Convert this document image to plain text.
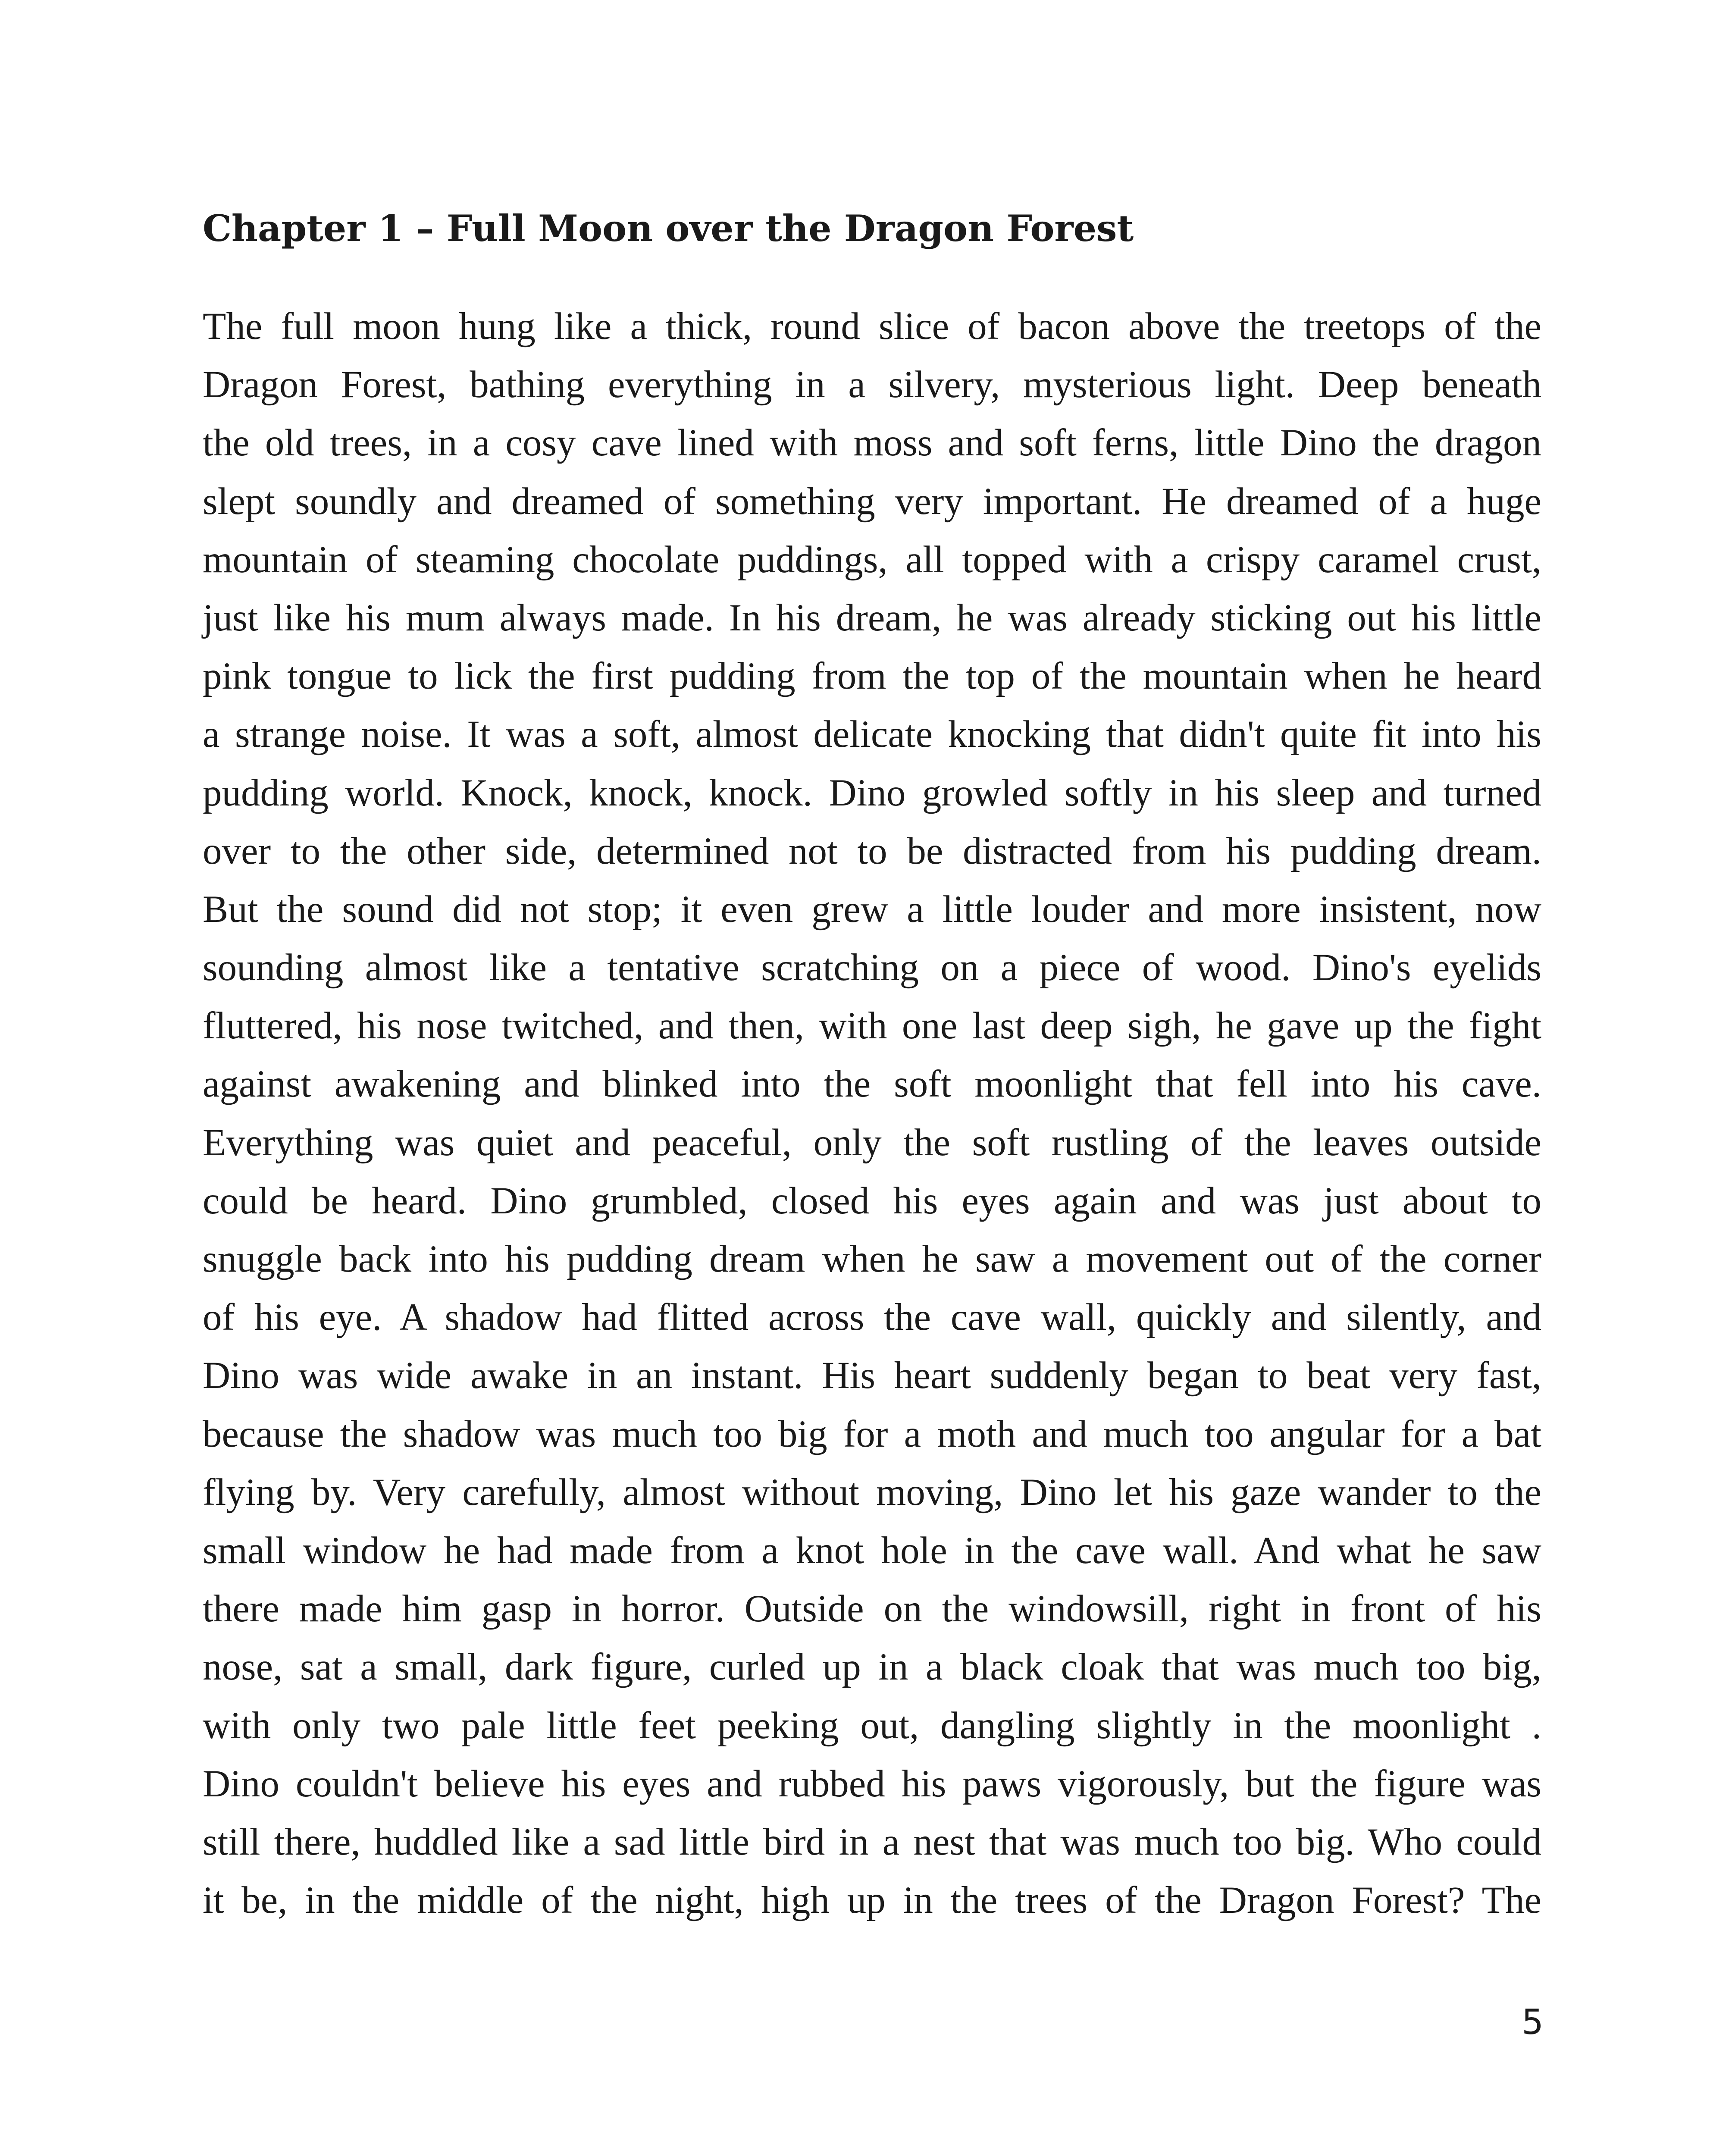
Chapter 1 – Full Moon over the Dragon Forest
The full moon hung like a thick, round slice of bacon above the treetops of the
Dragon Forest, bathing everything in a silvery, mysterious light. Deep beneath
the old trees, in a cosy cave lined with moss and soft ferns, little Dino the dragon
slept soundly and dreamed of something very important. He dreamed of a huge
mountain of steaming chocolate puddings, all topped with a crispy caramel crust,
just like his mum always made. In his dream, he was already sticking out his little
pink tongue to lick the first pudding from the top of the mountain when he heard
a strange noise. It was a soft, almost delicate knocking that didn't quite fit into his
pudding world. Knock, knock, knock. Dino growled softly in his sleep and turned
over to the other side, determined not to be distracted from his pudding dream.
But the sound did not stop; it even grew a little louder and more insistent, now
sounding almost like a tentative scratching on a piece of wood. Dino's eyelids
fluttered, his nose twitched, and then, with one last deep sigh, he gave up the fight
against awakening and blinked into the soft moonlight that fell into his cave.
Everything was quiet and peaceful, only the soft rustling of the leaves outside
could be heard. Dino grumbled, closed his eyes again and was just about to
snuggle back into his pudding dream when he saw a movement out of the corner
of his eye. A shadow had flitted across the cave wall, quickly and silently, and
Dino was wide awake in an instant. His heart suddenly began to beat very fast,
because the shadow was much too big for a moth and much too angular for a bat
flying by. Very carefully, almost without moving, Dino let his gaze wander to the
small window he had made from a knot hole in the cave wall. And what he saw
there made him gasp in horror. Outside on the windowsill, right in front of his
nose, sat a small, dark figure, curled up in a black cloak that was much too big,
with only two pale little feet peeking out, dangling slightly in the moonlight .
Dino couldn't believe his eyes and rubbed his paws vigorously, but the figure was
still there, huddled like a sad little bird in a nest that was much too big. Who could
it be, in the middle of the night, high up in the trees of the Dragon Forest? The
5
